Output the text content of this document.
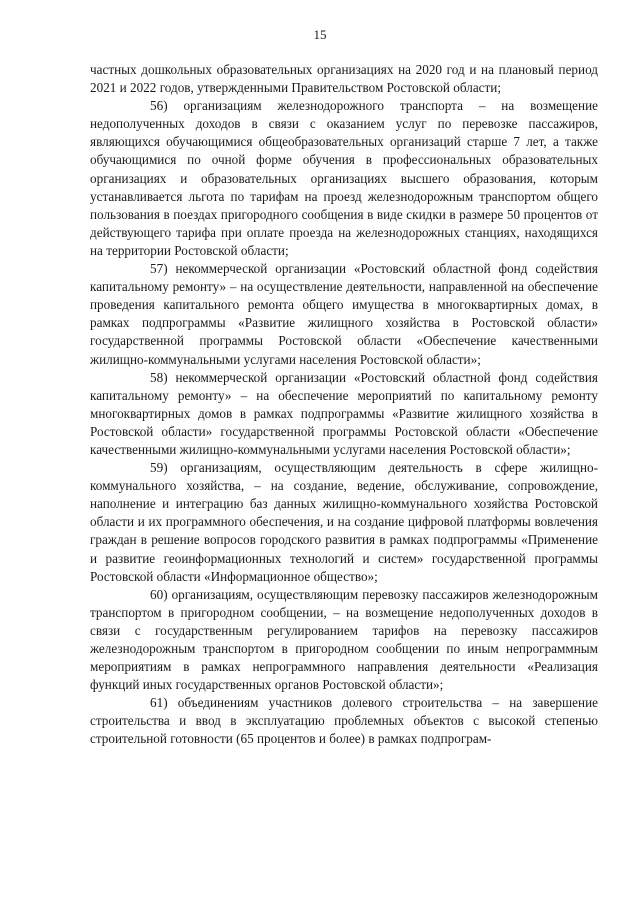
15

частных дошкольных образовательных организациях на 2020 год и на плановый период 2021 и 2022 годов, утвержденными Правительством Ростовской области;

56) организациям железнодорожного транспорта – на возмещение недополученных доходов в связи с оказанием услуг по перевозке пассажиров, являющихся обучающимися общеобразовательных организаций старше 7 лет, а также обучающимися по очной форме обучения в профессиональных образовательных организациях и образовательных организациях высшего образования, которым устанавливается льгота по тарифам на проезд железнодорожным транспортом общего пользования в поездах пригородного сообщения в виде скидки в размере 50 процентов от действующего тарифа при оплате проезда на железнодорожных станциях, находящихся на территории Ростовской области;

57) некоммерческой организации «Ростовский областной фонд содействия капитальному ремонту» – на осуществление деятельности, направленной на обеспечение проведения капитального ремонта общего имущества в многоквартирных домах, в рамках подпрограммы «Развитие жилищного хозяйства в Ростовской области» государственной программы Ростовской области «Обеспечение качественными жилищно-коммунальными услугами населения Ростовской области»;

58) некоммерческой организации «Ростовский областной фонд содействия капитальному ремонту» – на обеспечение мероприятий по капитальному ремонту многоквартирных домов в рамках подпрограммы «Развитие жилищного хозяйства в Ростовской области» государственной программы Ростовской области «Обеспечение качественными жилищно-коммунальными услугами населения Ростовской области»;

59) организациям, осуществляющим деятельность в сфере жилищно-коммунального хозяйства, – на создание, ведение, обслуживание, сопровождение, наполнение и интеграцию баз данных жилищно-коммунального хозяйства Ростовской области и их программного обеспечения, и на создание цифровой платформы вовлечения граждан в решение вопросов городского развития в рамках подпрограммы «Применение и развитие геоинформационных технологий и систем» государственной программы Ростовской области «Информационное общество»;

60) организациям, осуществляющим перевозку пассажиров железнодорожным транспортом в пригородном сообщении, – на возмещение недополученных доходов в связи с государственным регулированием тарифов на перевозку пассажиров железнодорожным транспортом в пригородном сообщении по иным непрограммным мероприятиям в рамках непрограммного направления деятельности «Реализация функций иных государственных органов Ростовской области»;

61) объединениям участников долевого строительства – на завершение строительства и ввод в эксплуатацию проблемных объектов с высокой степенью строительной готовности (65 процентов и более) в рамках подпрограм-
